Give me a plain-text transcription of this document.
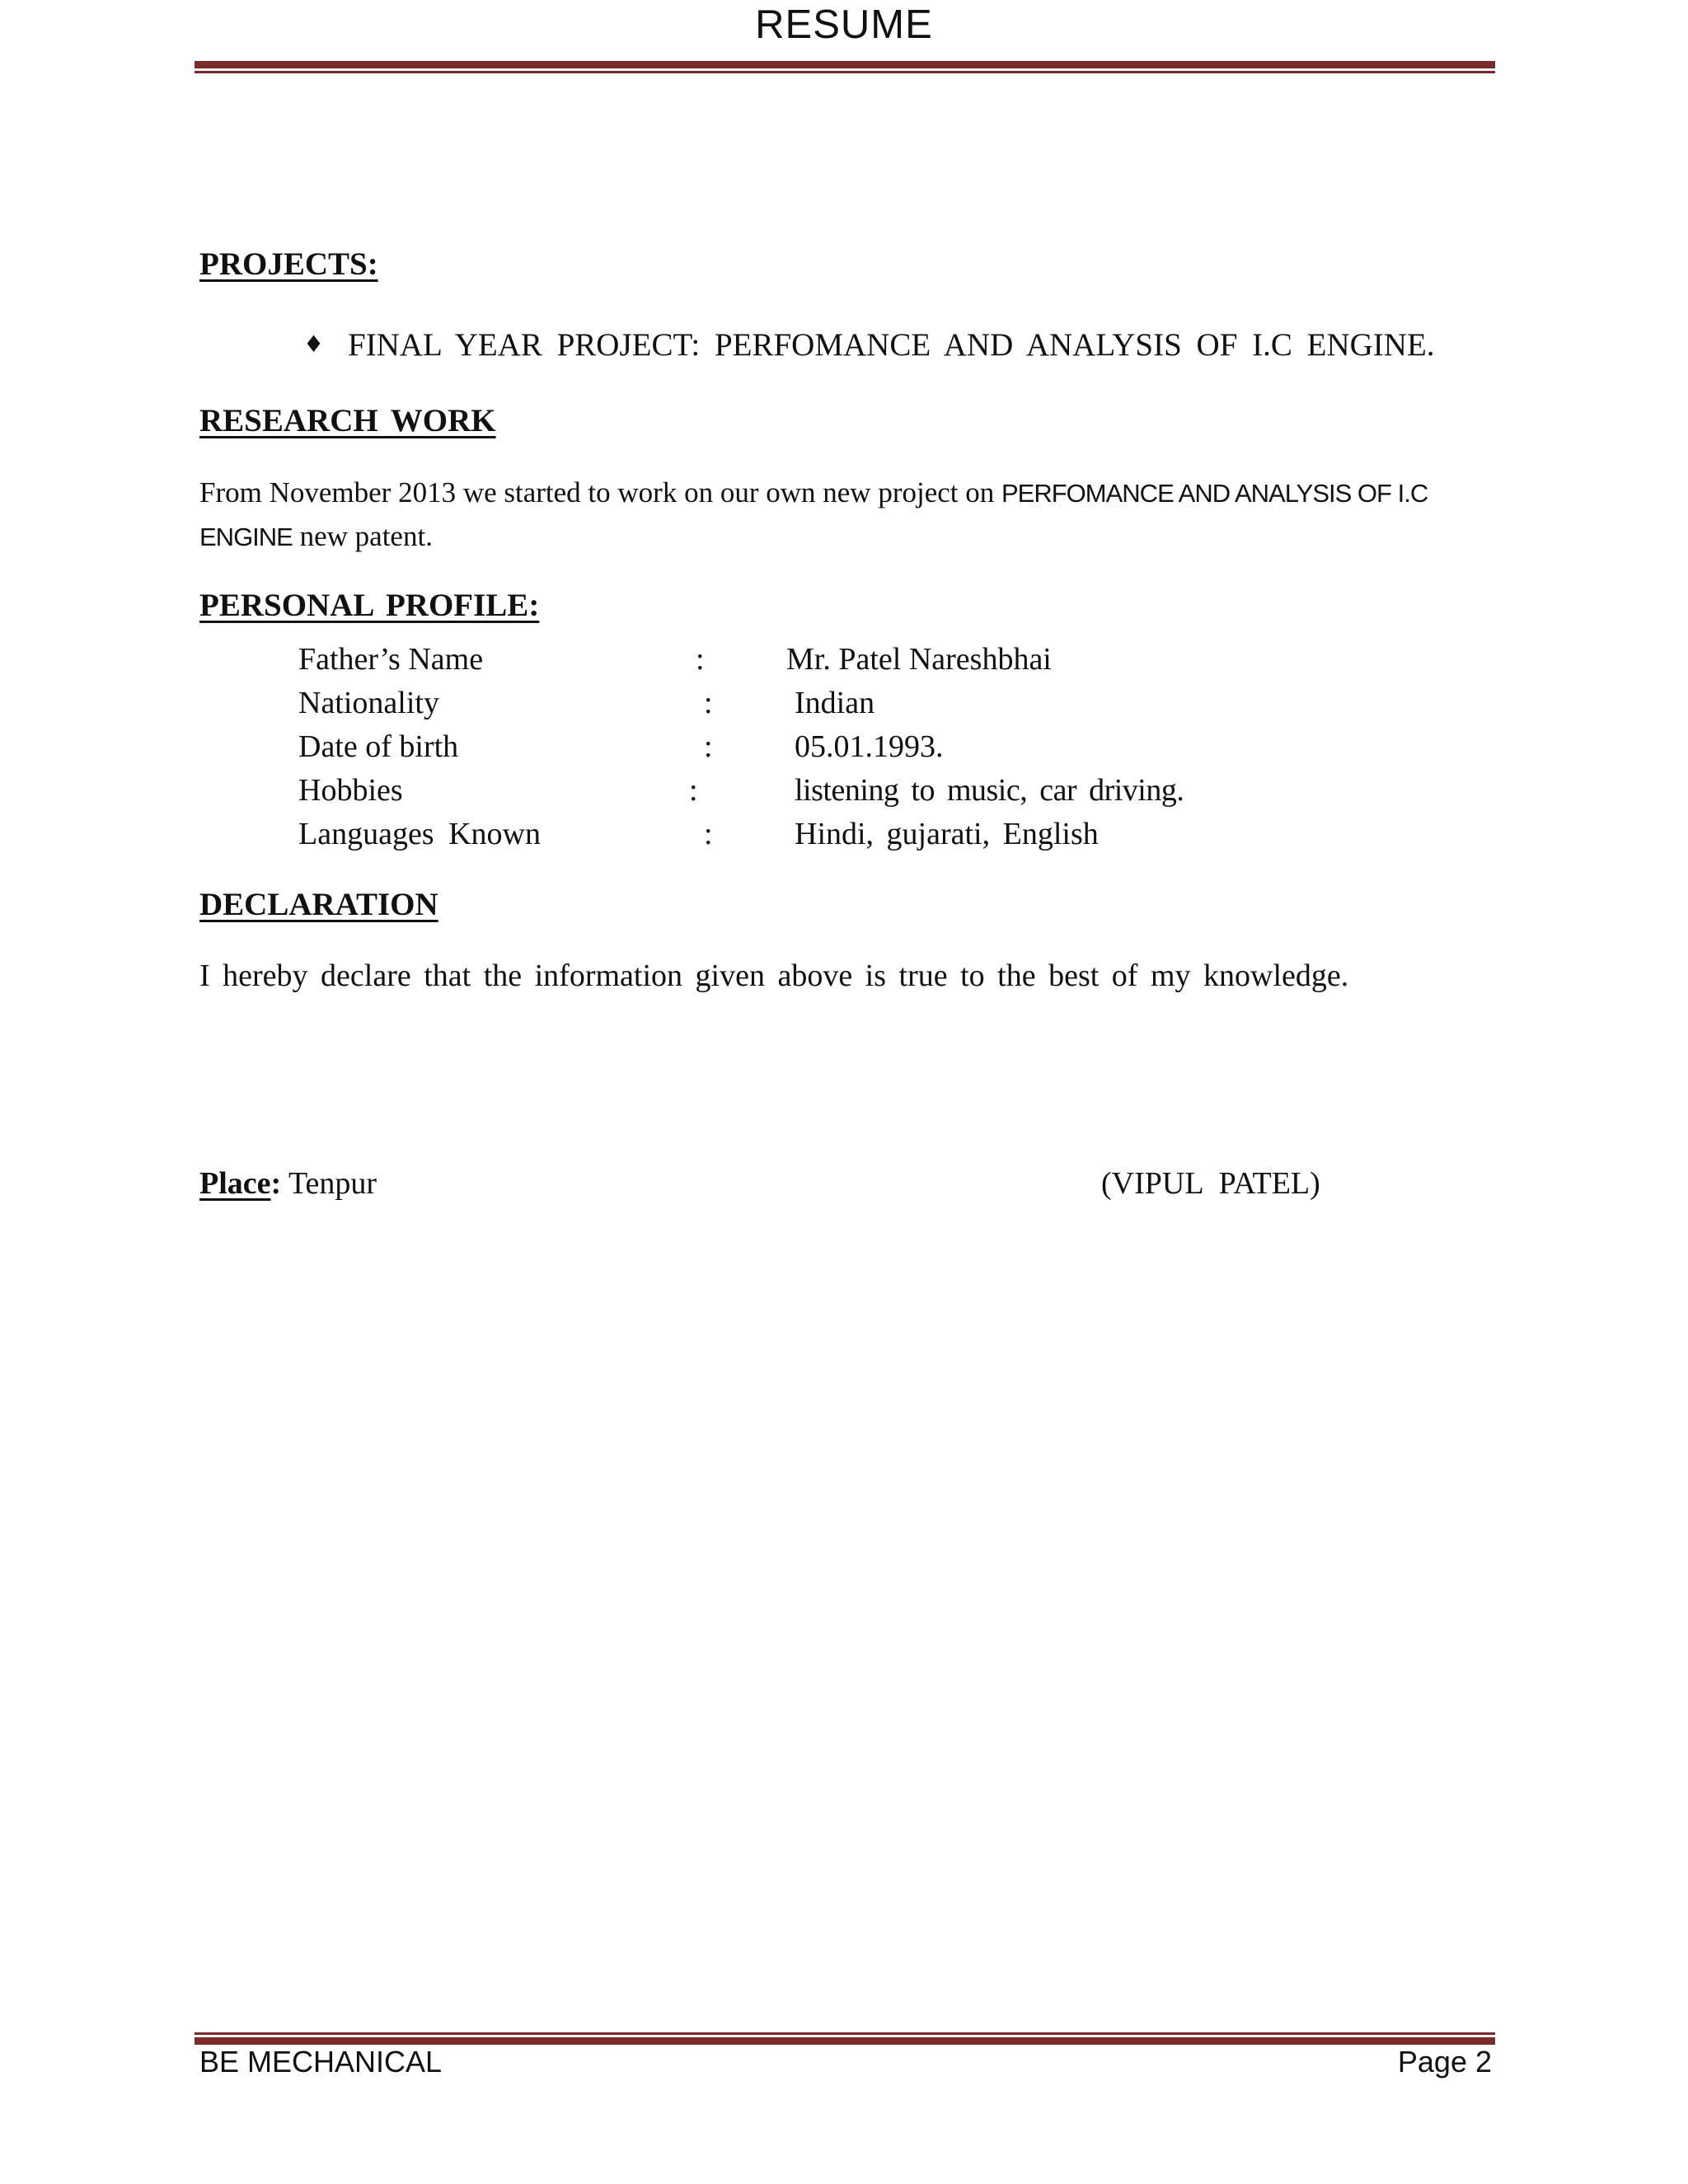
RESUME
PROJECTS:
♦ FINAL YEAR PROJECT: PERFOMANCE AND ANALYSIS OF I.C ENGINE.
RESEARCH WORK
From November 2013 we started to work on our own new project on PERFOMANCE AND ANALYSIS OF I.C ENGINE new patent.
PERSONAL PROFILE:
Father’s Name	:	Mr. Patel Nareshbhai
Nationality	:	Indian
Date of birth	:	05.01.1993.
Hobbies	:	listening to music, car driving.
Languages Known	:	Hindi, gujarati, English
DECLARATION
I hereby declare that the information given above is true to the best of my knowledge.
Place: Tenpur	(VIPUL PATEL)
BE MECHANICAL	Page 2
